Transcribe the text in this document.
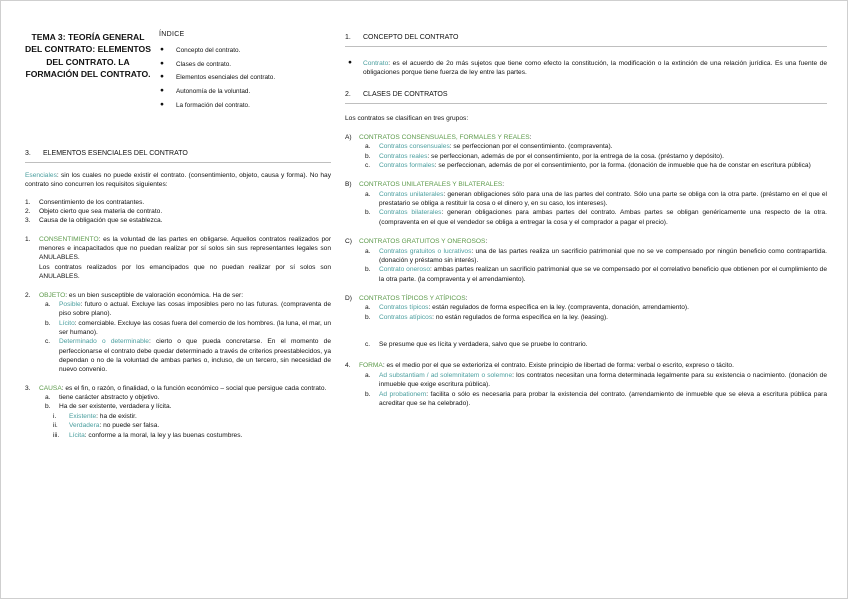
TEMA 3: TEORÍA GENERAL DEL CONTRATO: ELEMENTOS DEL CONTRATO. LA FORMACIÓN DEL CONTRATO.
ÍNDICE
● Concepto del contrato.
● Clases de contrato.
● Elementos esenciales del contrato.
● Autonomía de la voluntad.
● La formación del contrato.
3. ELEMENTOS ESENCIALES DEL CONTRATO

Esenciales: sin los cuales no puede existir el contrato. (consentimiento, objeto, causa y forma). No hay contrato sino concurren los requisitos siguientes:

1. Consentimiento de los contratantes.
2. Objeto cierto que sea materia de contrato.
3. Causa de la obligación que se establezca.
1. CONSENTIMIENTO: es la voluntad de las partes en obligarse. Aquellos contratos realizados por menores e incapacitados que no puedan realizar por sí solos sin sus representantes legales son ANULABLES.
Los contratos realizados por los emancipados que no puedan realizar por sí solos son ANULABLES.
2. OBJETO: es un bien susceptible de valoración económica. Ha de ser:
a. Posible: futuro o actual. Excluye las cosas imposibles pero no las futuras. (compraventa de piso sobre plano).
b. Lícito: comerciable. Excluye las cosas fuera del comercio de los hombres. (la luna, el mar, un ser humano).
c. Determinado o determinable: cierto o que pueda concretarse. En el momento de perfeccionarse el contrato debe quedar determinado a través de criterios preestablecidos, ya dependan o no de la voluntad de ambas partes o, incluso, de un tercero, sin necesidad de nuevo convenio.
3. CAUSA: es el fin, o razón, o finalidad, o la función económico – social que persigue cada contrato.
a. tiene carácter abstracto y objetivo.
b. Ha de ser existente, verdadera y lícita.
i. Existente: ha de existir.
ii. Verdadera: no puede ser falsa.
iii. Lícita: conforme a la moral, la ley y las buenas costumbres.
1. CONCEPTO DEL CONTRATO
● Contrato: es el acuerdo de 2o más sujetos que tiene como efecto la constitución, la modificación o la extinción de una relación jurídica. Es una fuente de obligaciones porque tiene fuerza de ley entre las partes.
2. CLASES DE CONTRATOS

Los contratos se clasifican en tres grupos:

A) CONTRATOS CONSENSUALES, FORMALES Y REALES:
a. Contratos consensuales: se perfeccionan por el consentimiento. (compraventa).
b. Contratos reales: se perfeccionan, además de por el consentimiento, por la entrega de la cosa. (préstamo y depósito).
c. Contratos formales: se perfeccionan, además de por el consentimiento, por la forma. (donación de inmueble que ha de constar en escritura pública)
B) CONTRATOS UNILATERALES Y BILATERALES:
a. Contratos unilaterales: generan obligaciones sólo para una de las partes del contrato. Sólo una parte se obliga con la otra parte. (préstamo en el que el prestatario se obliga a restituir la cosa o el dinero y, en su caso, los intereses).
b. Contratos bilaterales: generan obligaciones para ambas partes del contrato. Ambas partes se obligan genéricamente una respecto de la otra. (compraventa en el que el vendedor se obliga a entregar la cosa y el comprador a pagar el precio).
C) CONTRATOS GRATUITOS Y ONEROSOS:
a. Contratos gratuitos o lucrativos: una de las partes realiza un sacrificio patrimonial que no se ve compensado por ningún beneficio como contrapartida. (donación y préstamo sin interés).
b. Contrato oneroso: ambas partes realizan un sacrificio patrimonial que se ve compensado por el correlativo beneficio que obtienen por el cumplimiento de la otra parte. (la compraventa y el arrendamiento).
D) CONTRATOS TÍPICOS Y ATÍPICOS:
a. Contratos típicos: están regulados de forma específica en la ley. (compraventa, donación, arrendamiento).
b. Contratos atípicos: no están regulados de forma específica en la ley. (leasing).
c. Se presume que es lícita y verdadera, salvo que se pruebe lo contrario.
4. FORMA: es el medio por el que se exterioriza el contrato. Existe principio de libertad de forma: verbal o escrito, expreso o tácito.
a. Ad substantiam / ad solemnitatem o solemne: los contratos necesitan una forma determinada legalmente para su existencia o nacimiento. (donación de inmueble que exige escritura pública).
b. Ad probationem: facilita o sólo es necesaria para probar la existencia del contrato. (arrendamiento de inmueble que se eleva a escritura pública para acreditar que se ha celebrado).
